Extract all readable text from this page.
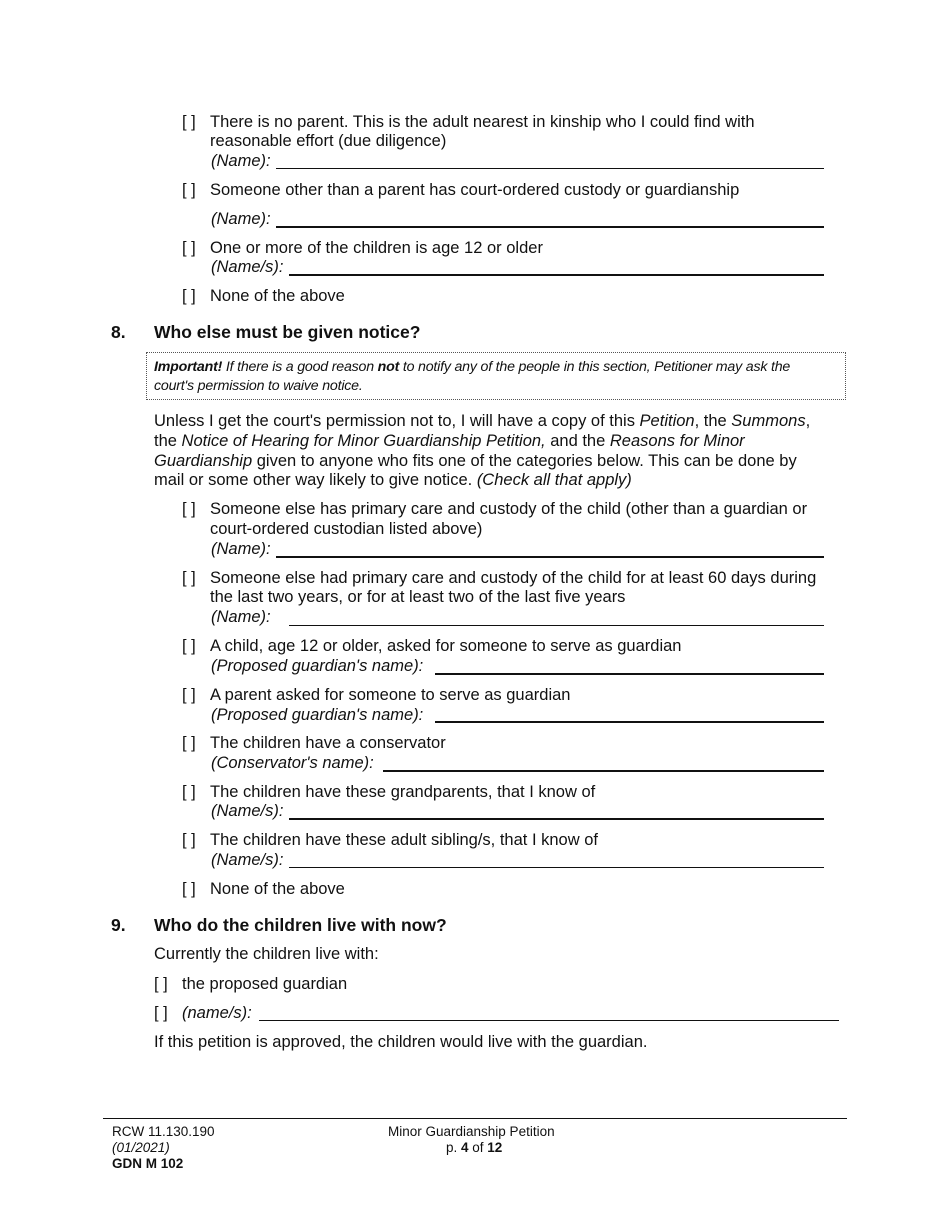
[ ] There is no parent. This is the adult nearest in kinship who I could find with
reasonable effort (due diligence)
(Name):
[ ] Someone other than a parent has court-ordered custody or guardianship
(Name):
[ ] One or more of the children is age 12 or older
(Name/s):
[ ] None of the above
8. Who else must be given notice?
Important! If there is a good reason not to notify any of the people in this section, Petitioner may ask the
court's permission to waive notice.
Unless I get the court's permission not to, I will have a copy of this Petition, the Summons,
the Notice of Hearing for Minor Guardianship Petition, and the Reasons for Minor
Guardianship given to anyone who fits one of the categories below. This can be done by
mail or some other way likely to give notice. (Check all that apply)
[ ] Someone else has primary care and custody of the child (other than a guardian or
court-ordered custodian listed above)
(Name):
[ ] Someone else had primary care and custody of the child for at least 60 days during
the last two years, or for at least two of the last five years
(Name):
[ ] A child, age 12 or older, asked for someone to serve as guardian
(Proposed guardian's name):
[ ] A parent asked for someone to serve as guardian
(Proposed guardian's name):
[ ] The children have a conservator
(Conservator's name):
[ ] The children have these grandparents, that I know of
(Name/s):
[ ] The children have these adult sibling/s, that I know of
(Name/s):
[ ] None of the above
9. Who do the children live with now?
Currently the children live with:
[ ] the proposed guardian
[ ] (name/s):
If this petition is approved, the children would live with the guardian.
RCW 11.130.190
(01/2021)
GDN M 102
Minor Guardianship Petition
p. 4 of 12
